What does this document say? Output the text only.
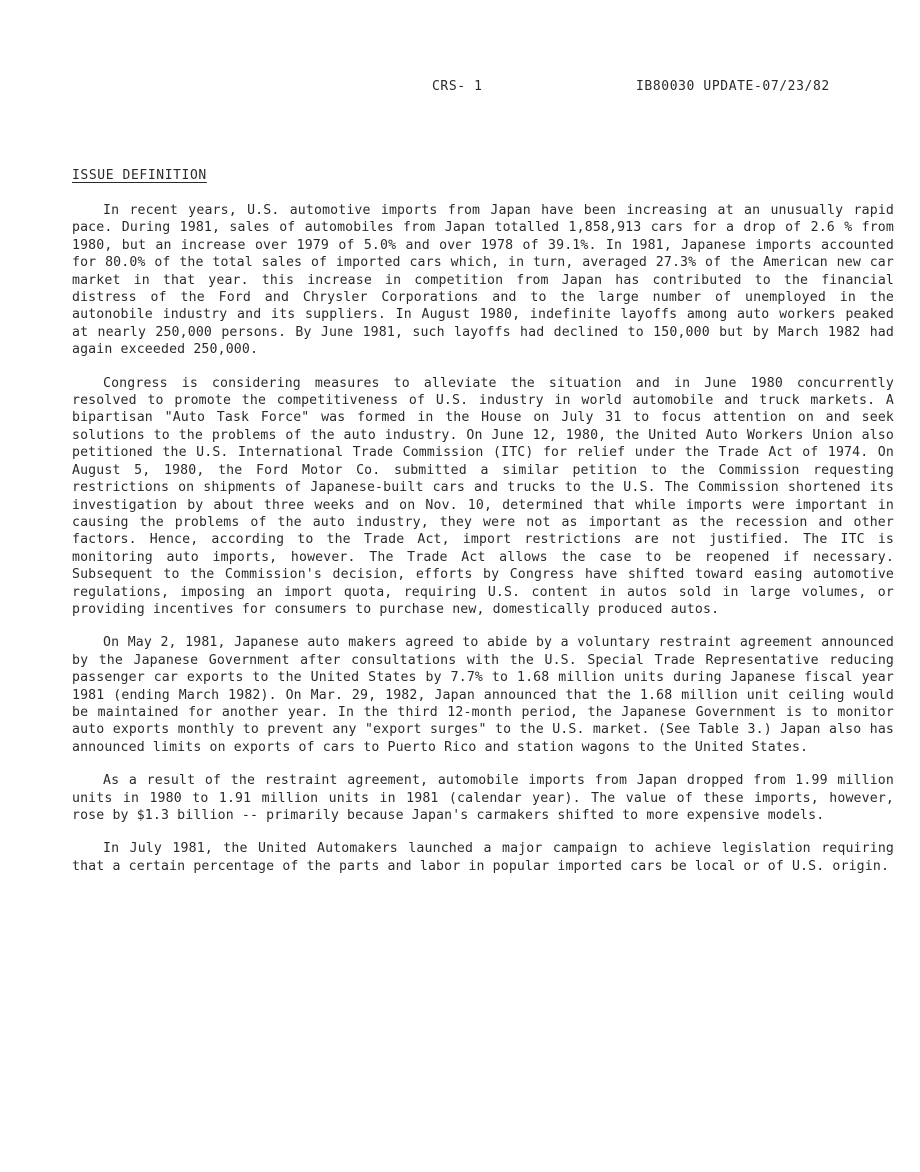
CRS- 1	IB80030 UPDATE-07/23/82
ISSUE DEFINITION

In recent years, U.S. automotive imports from Japan have been increasing at an unusually rapid pace. During 1981, sales of automobiles from Japan totalled 1,858,913 cars for a drop of 2.6 % from 1980, but an increase over 1979 of 5.0% and over 1978 of 39.1%. In 1981, Japanese imports accounted for 80.0% of the total sales of imported cars which, in turn, averaged 27.3% of the American new car market in that year. this increase in competition from Japan has contributed to the financial distress of the Ford and Chrysler Corporations and to the large number of unemployed in the autonobile industry and its suppliers. In August 1980, indefinite layoffs among auto workers peaked at nearly 250,000 persons. By June 1981, such layoffs had declined to 150,000 but by March 1982 had again exceeded 250,000.

Congress is considering measures to alleviate the situation and in June 1980 concurrently resolved to promote the competitiveness of U.S. industry in world automobile and truck markets. A bipartisan "Auto Task Force" was formed in the House on July 31 to focus attention on and seek solutions to the problems of the auto industry. On June 12, 1980, the United Auto Workers Union also petitioned the U.S. International Trade Commission (ITC) for relief under the Trade Act of 1974. On August 5, 1980, the Ford Motor Co. submitted a similar petition to the Commission requesting restrictions on shipments of Japanese-built cars and trucks to the U.S. The Commission shortened its investigation by about three weeks and on Nov. 10, determined that while imports were important in causing the problems of the auto industry, they were not as important as the recession and other factors. Hence, according to the Trade Act, import restrictions are not justified. The ITC is monitoring auto imports, however. The Trade Act allows the case to be reopened if necessary. Subsequent to the Commission's decision, efforts by Congress have shifted toward easing automotive regulations, imposing an import quota, requiring U.S. content in autos sold in large volumes, or providing incentives for consumers to purchase new, domestically produced autos.

On May 2, 1981, Japanese auto makers agreed to abide by a voluntary restraint agreement announced by the Japanese Government after consultations with the U.S. Special Trade Representative reducing passenger car exports to the United States by 7.7% to 1.68 million units during Japanese fiscal year 1981 (ending March 1982). On Mar. 29, 1982, Japan announced that the 1.68 million unit ceiling would be maintained for another year. In the third 12-month period, the Japanese Government is to monitor auto exports monthly to prevent any "export surges" to the U.S. market. (See Table 3.) Japan also has announced limits on exports of cars to Puerto Rico and station wagons to the United States.

As a result of the restraint agreement, automobile imports from Japan dropped from 1.99 million units in 1980 to 1.91 million units in 1981 (calendar year). The value of these imports, however, rose by $1.3 billion -- primarily because Japan's carmakers shifted to more expensive models.

In July 1981, the United Automakers launched a major campaign to achieve legislation requiring that a certain percentage of the parts and labor in popular imported cars be local or of U.S. origin.
